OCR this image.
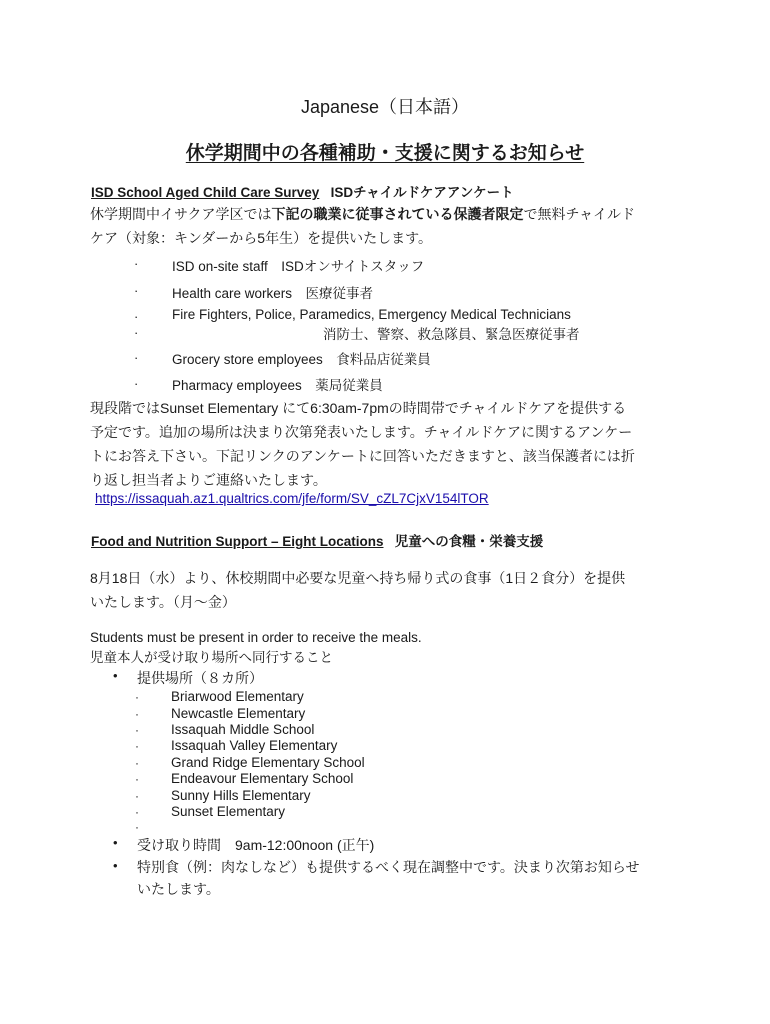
Japanese（日本語）
休学期間中の各種補助・支援に関するお知らせ
ISD School Aged Child Care Survey ISDチャイルドケアアンケート
休学期間中イサクア学区では下記の職業に従事されている保護者限定で無料チャイルド
ケア（対象：キンダーから5年生）を提供いたします。
· ISD on-site staff　ISDオンサイトスタッフ
· Health care workers　医療従事者
· Fire Fighters, Police, Paramedics, Emergency Medical Technicians
·	消防士、警察、救急隊員、緊急医療従事者
· Grocery store employees　食料品店従業員
· Pharmacy employees　薬局従業員
現段階ではSunset Elementary にて6:30am-7pmの時間帯でチャイルドケアを提供する
予定です。追加の場所は決まり次第発表いたします。チャイルドケアに関するアンケー
トにお答え下さい。下記リンクのアンケートに回答いただきますと、該当保護者には折
り返し担当者よりご連絡いたします。
https://issaquah.az1.qualtrics.com/jfe/form/SV_cZL7CjxV154lTOR
Food and Nutrition Support – Eight Locations 児童への食糧・栄養支援
8月18日（水）より、休校期間中必要な児童へ持ち帰り式の食事（1日２食分）を提供
いたします。（月～金）
Students must be present in order to receive the meals.
児童本人が受け取り場所へ同行すること
• 提供場所（８カ所）
· Briarwood Elementary
· Newcastle Elementary
· Issaquah Middle School
· Issaquah Valley Elementary
· Grand Ridge Elementary School
· Endeavour Elementary School
· Sunny Hills Elementary
· Sunset Elementary
·
• 受け取り時間　9am-12:00noon (正午)
• 特別食（例：肉なしなど）も提供するべく現在調整中です。決まり次第お知らせ
いたします。
